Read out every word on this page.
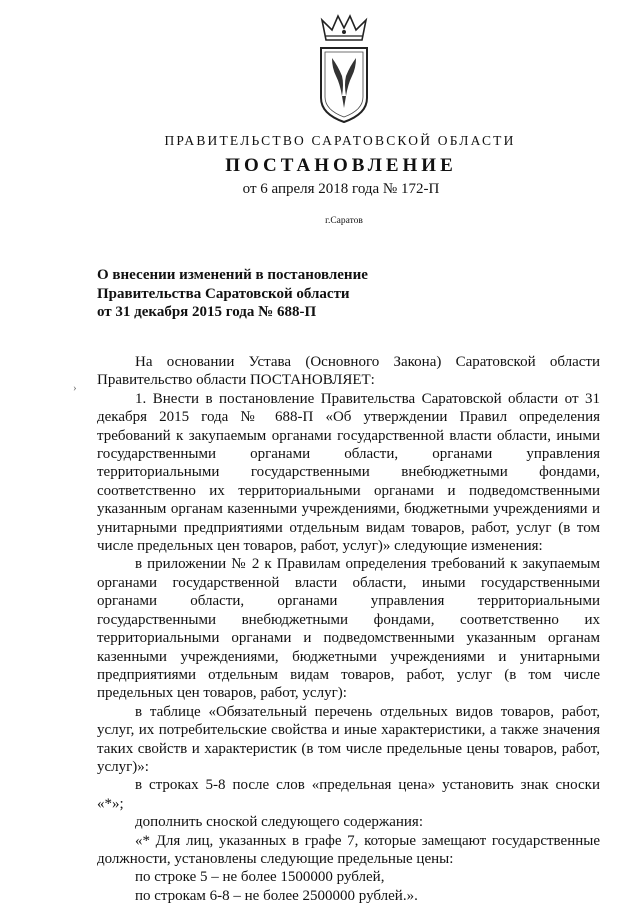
ПРАВИТЕЛЬСТВО САРАТОВСКОЙ ОБЛАСТИ
ПОСТАНОВЛЕНИЕ
от 6 апреля 2018 года № 172-П
г.Саратов
О внесении изменений в постановление
Правительства Саратовской области
от 31 декабря 2015 года № 688-П
›

На основании Устава (Основного Закона) Саратовской области Правительство области ПОСТАНОВЛЯЕТ:

1. Внести в постановление Правительства Саратовской области от 31 декабря 2015 года № 688-П «Об утверждении Правил определения требований к закупаемым органами государственной власти области, иными государственными органами области, органами управления территориальными государственными внебюджетными фондами, соответственно их территориальными органами и подведомственными указанным органам казенными учреждениями, бюджетными учреждениями и унитарными предприятиями отдельным видам товаров, работ, услуг (в том числе предельных цен товаров, работ, услуг)» следующие изменения:

в приложении № 2 к Правилам определения требований к закупаемым органами государственной власти области, иными государственными органами области, органами управления территориальными государственными внебюджетными фондами, соответственно их территориальными органами и подведомственными указанным органам казенными учреждениями, бюджетными учреждениями и унитарными предприятиями отдельным видам товаров, работ, услуг (в том числе предельных цен товаров, работ, услуг):

в таблице «Обязательный перечень отдельных видов товаров, работ, услуг, их потребительские свойства и иные характеристики, а также значения таких свойств и характеристик (в том числе предельные цены товаров, работ, услуг)»:

в строках 5-8 после слов «предельная цена» установить знак сноски «*»;

дополнить сноской следующего содержания:

«* Для лиц, указанных в графе 7, которые замещают государственные должности, установлены следующие предельные цены:

по строке 5 – не более 1500000 рублей,

по строкам 6-8 – не более 2500000 рублей.».
